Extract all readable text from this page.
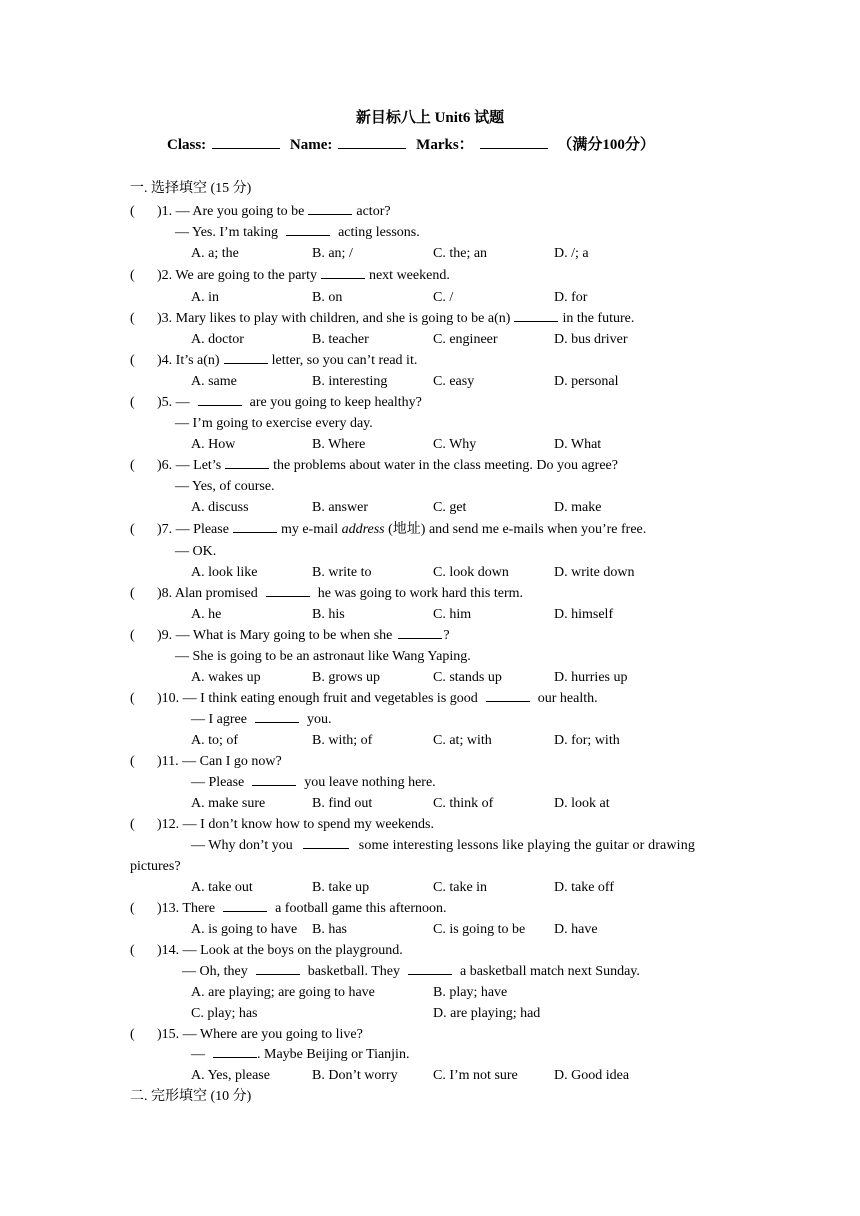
新目标八上 Unit6 试题
Class:	Name:	Marks：	（满分100分）
一. 选择填空 (15 分)
( )1. — Are you going to be	actor?
— Yes. I’m taking	acting lessons.
A. a; the	B. an; /	C. the; an	D. /; a
( )2. We are going to the party	next weekend.
A. in	B. on	C. /	D. for
( )3. Mary likes to play with children, and she is going to be a(n)	in the future.
A. doctor	B. teacher	C. engineer	D. bus driver
( )4. It’s a(n)	letter, so you can’t read it.
A. same	B. interesting	C. easy	D. personal
( )5. —	are you going to keep healthy?
— I’m going to exercise every day.
A. How	B. Where	C. Why	D. What
( )6. — Let’s	the problems about water in the class meeting. Do you agree?
— Yes, of course.
A. discuss	B. answer	C. get	D. make
( )7. — Please	my e-mail address (地址) and send me e-mails when you’re free.
— OK.
A. look like	B. write to	C. look down	D. write down
( )8. Alan promised	he was going to work hard this term.
A. he	B. his	C. him	D. himself
( )9. — What is Mary going to be when she	?
— She is going to be an astronaut like Wang Yaping.
A. wakes up	B. grows up	C. stands up	D. hurries up
( )10. — I think eating enough fruit and vegetables is good	our health.
— I agree	you.
A. to; of	B. with; of	C. at; with	D. for; with
( )11. — Can I go now?
— Please	you leave nothing here.
A. make sure	B. find out	C. think of	D. look at
( )12. — I don’t know how to spend my weekends.
— Why don’t you	some interesting lessons like playing the guitar or drawing
pictures?
A. take out	B. take up	C. take in	D. take off
( )13. There	a football game this afternoon.
A. is going to have B. has	C. is going to be D. have
( )14. — Look at the boys on the playground.
— Oh, they	basketball. They	a basketball match next Sunday.
A. are playing; are going to have	B. play; have
C. play; has	D. are playing; had
( )15. — Where are you going to live?
—	. Maybe Beijing or Tianjin.
A. Yes, please	B. Don’t worry	C. I’m not sure	D. Good idea
二. 完形填空 (10 分)
